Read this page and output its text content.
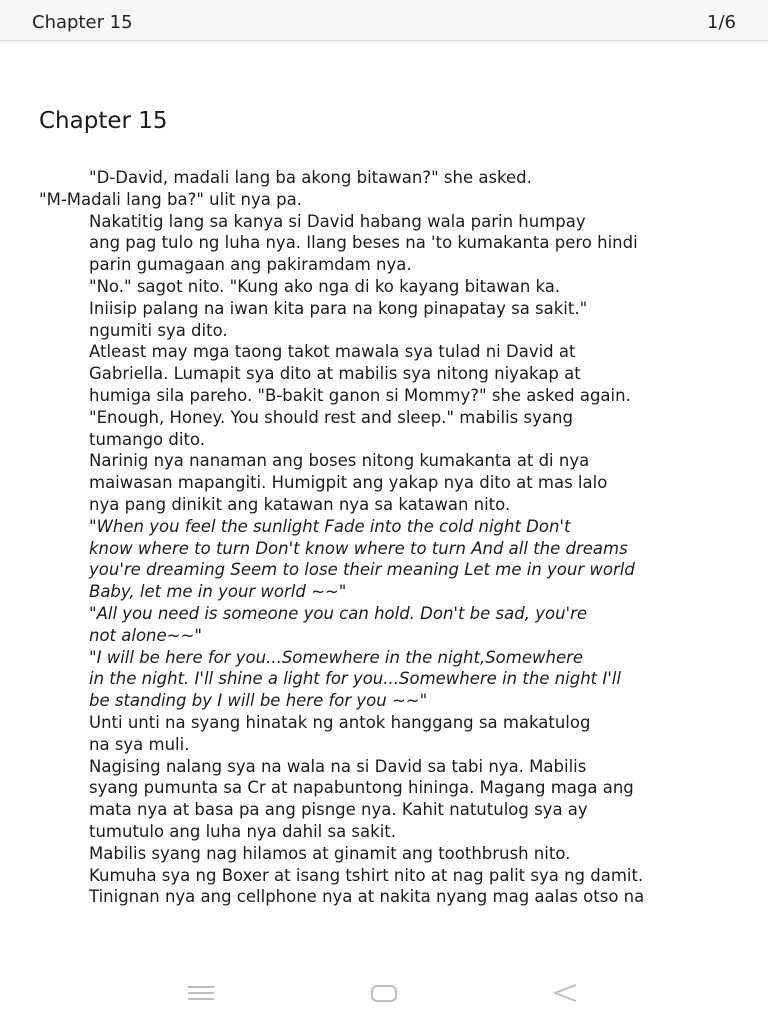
Chapter 15	1/6
Chapter 15

"D-David, madali lang ba akong bitawan?" she asked.

"M-Madali lang ba?" ulit nya pa.

Nakatitig lang sa kanya si David habang wala parin humpay
ang pag tulo ng luha nya. Ilang beses na 'to kumakanta pero hindi
parin gumagaan ang pakiramdam nya.

"No." sagot nito. "Kung ako nga di ko kayang bitawan ka.
Iniisip palang na iwan kita para na kong pinapatay sa sakit."
ngumiti sya dito.

Atleast may mga taong takot mawala sya tulad ni David at
Gabriella. Lumapit sya dito at mabilis sya nitong niyakap at
humiga sila pareho. "B-bakit ganon si Mommy?" she asked again.

"Enough, Honey. You should rest and sleep." mabilis syang
tumango dito.

Narinig nya nanaman ang boses nitong kumakanta at di nya
maiwasan mapangiti. Humigpit ang yakap nya dito at mas lalo
nya pang dinikit ang katawan nya sa katawan nito.

"When you feel the sunlight Fade into the cold night Don't
know where to turn Don't know where to turn And all the dreams
you're dreaming Seem to lose their meaning Let me in your world
Baby, let me in your world ~~"

"All you need is someone you can hold. Don't be sad, you're
not alone~~"

"I will be here for you...Somewhere in the night,Somewhere
in the night. I'll shine a light for you...Somewhere in the night I'll
be standing by I will be here for you ~~"

Unti unti na syang hinatak ng antok hanggang sa makatulog
na sya muli.

Nagising nalang sya na wala na si David sa tabi nya. Mabilis
syang pumunta sa Cr at napabuntong hininga. Magang maga ang
mata nya at basa pa ang pisnge nya. Kahit natutulog sya ay
tumutulo ang luha nya dahil sa sakit.

Mabilis syang nag hilamos at ginamit ang toothbrush nito.
Kumuha sya ng Boxer at isang tshirt nito at nag palit sya ng damit.
Tinignan nya ang cellphone nya at nakita nyang mag aalas otso na
